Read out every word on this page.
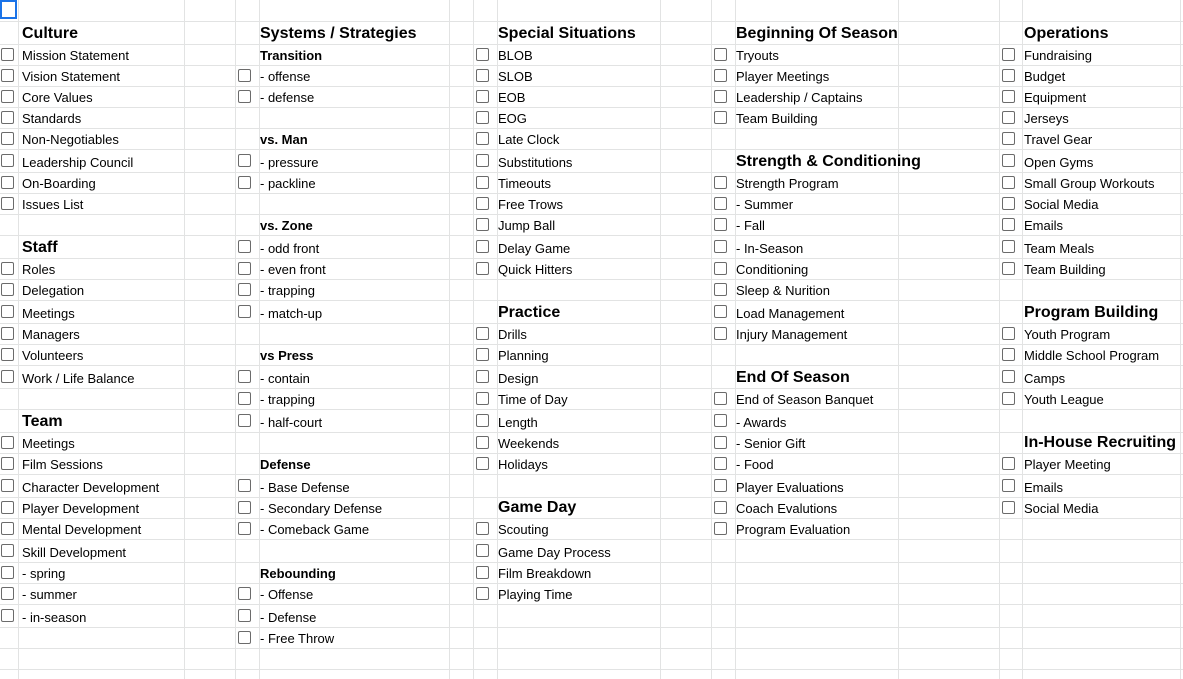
Culture
Mission Statement
Vision Statement
Core Values
Standards
Non-Negotiables
Leadership Council
On-Boarding
Issues List
Staff
Roles
Delegation
Meetings
Managers
Volunteers
Work / Life Balance
Team
Meetings
Film Sessions
Character Development
Player Development
Mental Development
Skill Development
- spring
- summer
- in-season
Systems / Strategies
Transition
- offense
- defense
vs. Man
- pressure
- packline
vs. Zone
- odd front
- even front
- trapping
- match-up
vs Press
- contain
- trapping
- half-court
Defense
- Base Defense
- Secondary Defense
- Comeback Game
Rebounding
- Offense
- Defense
- Free Throw
Special Situations
BLOB
SLOB
EOB
EOG
Late Clock
Substitutions
Timeouts
Free Trows
Jump Ball
Delay Game
Quick Hitters
Practice
Drills
Planning
Design
Time of Day
Length
Weekends
Holidays
Game Day
Scouting
Game Day Process
Film Breakdown
Playing Time
Beginning Of Season
Tryouts
Player Meetings
Leadership / Captains
Team Building
Strength & Conditioning
Strength Program
- Summer
- Fall
- In-Season
Conditioning
Sleep & Nurition
Load Management
Injury Management
End Of Season
End of Season Banquet
- Awards
- Senior Gift
- Food
Player Evaluations
Coach Evalutions
Program Evaluation
Operations
Fundraising
Budget
Equipment
Jerseys
Travel Gear
Open Gyms
Small Group Workouts
Social Media
Emails
Team Meals
Team Building
Program Building
Youth Program
Middle School Program
Camps
Youth League
In-House Recruiting
Player Meeting
Emails
Social Media
